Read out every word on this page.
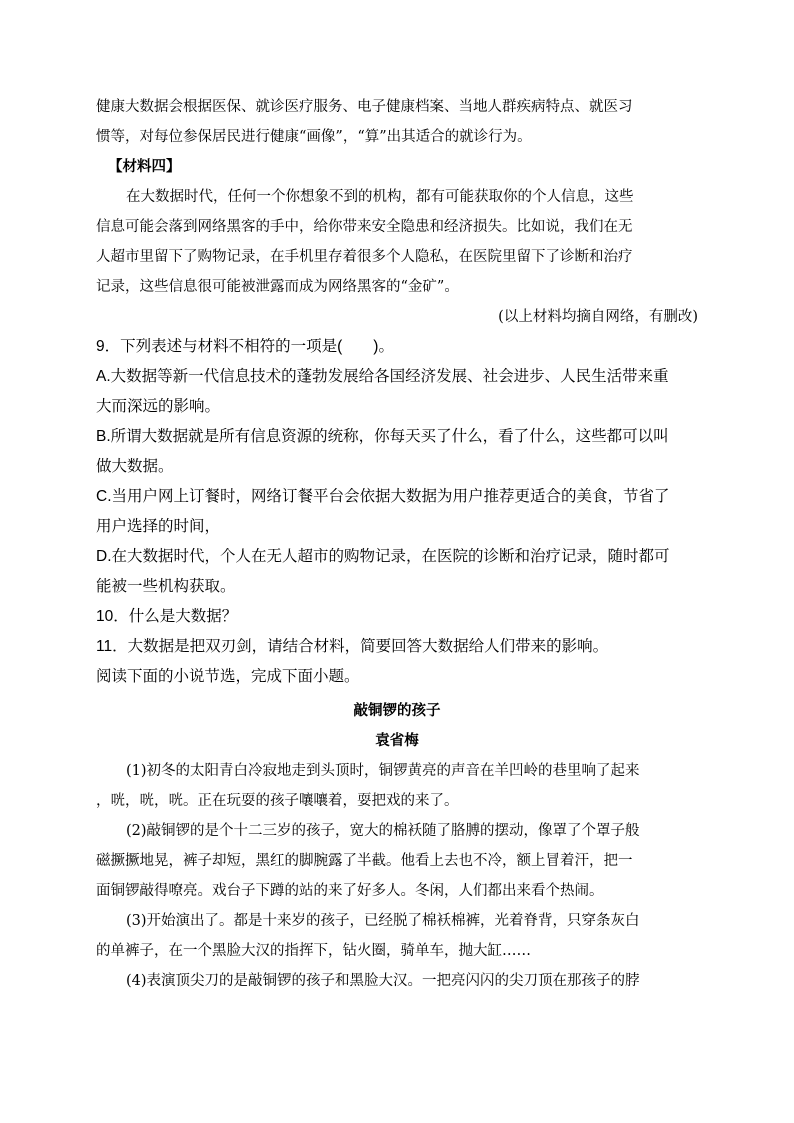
健康大数据会根据医保、就诊医疗服务、电子健康档案、当地人群疾病特点、就医习
惯等，对每位参保居民进行健康“画像”，“算”出其适合的就诊行为。
【材料四】
在大数据时代，任何一个你想象不到的机构，都有可能获取你的个人信息，这些
信息可能会落到网络黑客的手中，给你带来安全隐患和经济损失。比如说，我们在无
人超市里留下了购物记录，在手机里存着很多个人隐私，在医院里留下了诊断和治疗
记录，这些信息很可能被泄露而成为网络黑客的“金矿”。
(以上材料均摘自网络，有删改)
9．下列表述与材料不相符的一项是(　　)。
A.大数据等新一代信息技术的蓬勃发展给各国经济发展、社会进步、人民生活带来重
大而深远的影响。
B.所谓大数据就是所有信息资源的统称，你每天买了什么，看了什么，这些都可以叫
做大数据。
C.当用户网上订餐时，网络订餐平台会依据大数据为用户推荐更适合的美食，节省了
用户选择的时间，
D.在大数据时代，个人在无人超市的购物记录，在医院的诊断和治疗记录，随时都可
能被一些机构获取。
10．什么是大数据？
11．大数据是把双刃剑，请结合材料，简要回答大数据给人们带来的影响。
阅读下面的小说节选，完成下面小题。
敲铜锣的孩子
袁省梅
(1)初冬的太阳青白冷寂地走到头顶时，铜锣黄亮的声音在羊凹岭的巷里响了起来
，咣，咣，咣。正在玩耍的孩子嚷嚷着，耍把戏的来了。
(2)敲铜锣的是个十二三岁的孩子，宽大的棉袄随了胳膊的摆动，像罩了个罩子般
磁撅撅地晃，裤子却短，黑红的脚腕露了半截。他看上去也不冷，额上冒着汗，把一
面铜锣敲得嘹亮。戏台子下蹲的站的来了好多人。冬闲，人们都出来看个热闹。
(3)开始演出了。都是十来岁的孩子，已经脱了棉袄棉裤，光着脊背，只穿条灰白
的单裤子，在一个黑脸大汉的指挥下，钻火圈，骑单车，抛大缸……
(4)表演顶尖刀的是敲铜锣的孩子和黑脸大汉。一把亮闪闪的尖刀顶在那孩子的脖
